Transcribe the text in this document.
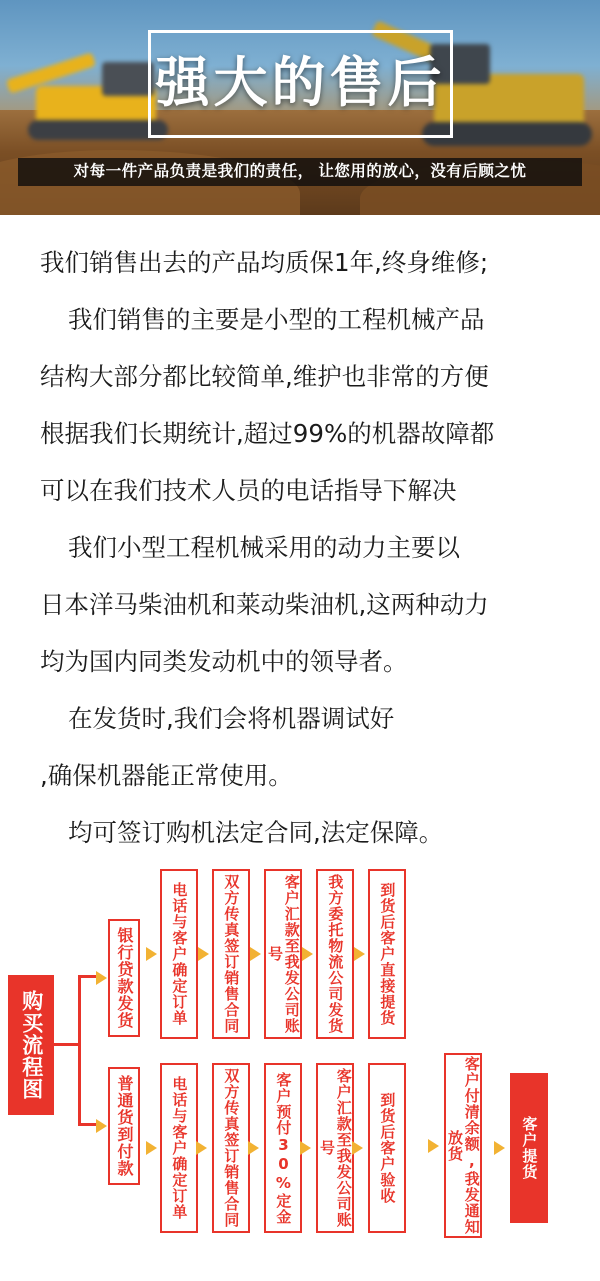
强大的售后
对每一件产品负责是我们的责任， 让您用的放心，没有后顾之忧

我们销售出去的产品均质保1年,终身维修;

我们销售的主要是小型的工程机械产品

结构大部分都比较简单,维护也非常的方便

根据我们长期统计,超过99%的机器故障都

可以在我们技术人员的电话指导下解决

我们小型工程机械采用的动力主要以

日本洋马柴油机和莱动柴油机,这两种动力

均为国内同类发动机中的领导者。

在发货时,我们会将机器调试好

,确保机器能正常使用。

均可签订购机法定合同,法定保障。

购买流程图
银行贷款发货
普通货到付款
电话与客户确定订单	双方传真签订销售合同	客户汇款至我发公司账号	我方委托物流公司发货	到货后客户直接提货
电话与客户确定订单	双方传真签订销售合同	客户预付30%定金	客户汇款至我发公司账号	到货后客户验收	客户付清余额,我发通知放货	客户提货
